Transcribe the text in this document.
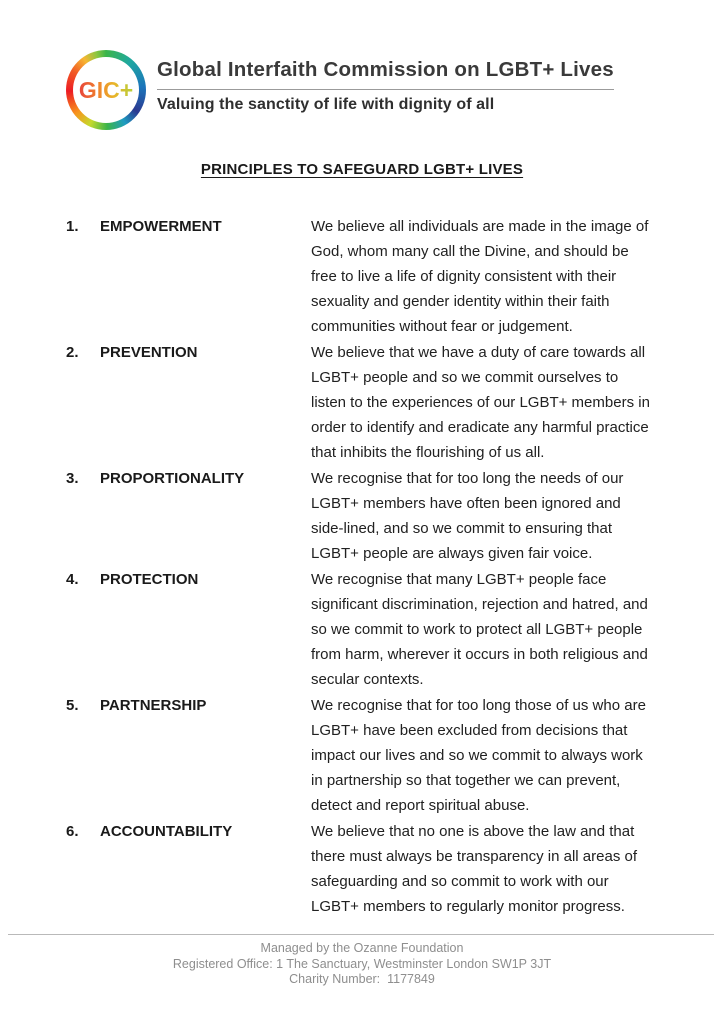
GIC+
Global Interfaith Commission on LGBT+ Lives
Valuing the sanctity of life with dignity of all
PRINCIPLES TO SAFEGUARD LGBT+ LIVES
1.	EMPOWERMENT	We believe all individuals are made in the image of God, whom many call the Divine, and should be free to live a life of dignity consistent with their sexuality and gender identity within their faith communities without fear or judgement.
2.	PREVENTION	We believe that we have a duty of care towards all LGBT+ people and so we commit ourselves to listen to the experiences of our LGBT+ members in order to identify and eradicate any harmful practice that inhibits the flourishing of us all.
3.	PROPORTIONALITY	We recognise that for too long the needs of our LGBT+ members have often been ignored and side-lined, and so we commit to ensuring that LGBT+ people are always given fair voice.
4.	PROTECTION	We recognise that many LGBT+ people face significant discrimination, rejection and hatred, and so we commit to work to protect all LGBT+ people from harm, wherever it occurs in both religious and secular contexts.
5.	PARTNERSHIP	We recognise that for too long those of us who are LGBT+ have been excluded from decisions that impact our lives and so we commit to always work in partnership so that together we can prevent, detect and report spiritual abuse.
6.	ACCOUNTABILITY	We believe that no one is above the law and that there must always be transparency in all areas of safeguarding and so commit to work with our LGBT+ members to regularly monitor progress.
Managed by the Ozanne Foundation
Registered Office: 1 The Sanctuary, Westminster London SW1P 3JT
Charity Number:  1177849
